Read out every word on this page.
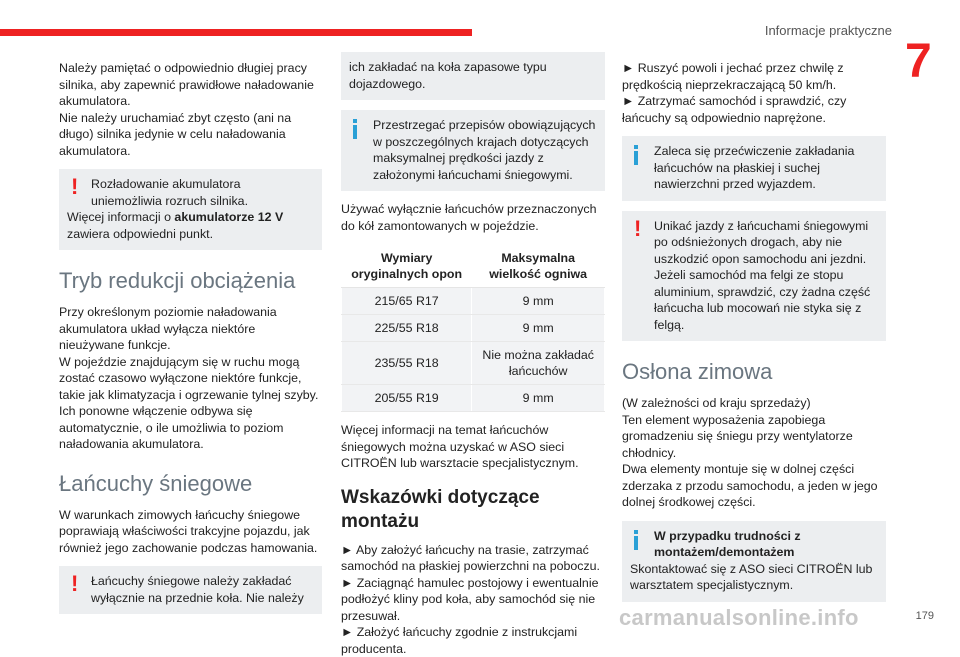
Informacje praktyczne
7

Należy pamiętać o odpowiednio długiej pracy silnika, aby zapewnić prawidłowe naładowanie akumulatora.

Nie należy uruchamiać zbyt często (ani na długo) silnika jedynie w celu naładowania akumulatora.

!	Rozładowanie akumulatora uniemożliwia rozruch silnika.

Więcej informacji o akumulatorze 12 V zawiera odpowiedni punkt.

Tryb redukcji obciążenia

Przy określonym poziomie naładowania akumulatora układ wyłącza niektóre nieużywane funkcje.

W pojeździe znajdującym się w ruchu mogą zostać czasowo wyłączone niektóre funkcje, takie jak klimatyzacja i ogrzewanie tylnej szyby.

Ich ponowne włączenie odbywa się automatycznie, o ile umożliwia to poziom naładowania akumulatora.

Łańcuchy śniegowe

W warunkach zimowych łańcuchy śniegowe poprawiają właściwości trakcyjne pojazdu, jak również jego zachowanie podczas hamowania.

!	Łańcuchy śniegowe należy zakładać wyłącznie na przednie koła. Nie należy

ich zakładać na koła zapasowe typu dojazdowego.

Przestrzegać przepisów obowiązujących w poszczególnych krajach dotyczących maksymalnej prędkości jazdy z założonymi łańcuchami śniegowymi.

Używać wyłącznie łańcuchów przeznaczonych do kół zamontowanych w pojeździe.

Wymiary oryginalnych opon	Maksymalna wielkość ogniwa
215/65 R17	9 mm
225/55 R18	9 mm
235/55 R18	Nie można zakładać łańcuchów
205/55 R19	9 mm

Więcej informacji na temat łańcuchów śniegowych można uzyskać w ASO sieci CITROËN lub warsztacie specjalistycznym.

Wskazówki dotyczące montażu

► Aby założyć łańcuchy na trasie, zatrzymać samochód na płaskiej powierzchni na poboczu.

► Zaciągnąć hamulec postojowy i ewentualnie podłożyć kliny pod koła, aby samochód się nie przesuwał.

► Założyć łańcuchy zgodnie z instrukcjami producenta.

► Ruszyć powoli i jechać przez chwilę z prędkością nieprzekraczającą 50 km/h.

► Zatrzymać samochód i sprawdzić, czy łańcuchy są odpowiednio naprężone.

Zaleca się przećwiczenie zakładania łańcuchów na płaskiej i suchej nawierzchni przed wyjazdem.

!	Unikać jazdy z łańcuchami śniegowymi po odśnieżonych drogach, aby nie uszkodzić opon samochodu ani jezdni. Jeżeli samochód ma felgi ze stopu aluminium, sprawdzić, czy żadna część łańcucha lub mocowań nie styka się z felgą.

Osłona zimowa

(W zależności od kraju sprzedaży)

Ten element wyposażenia zapobiega gromadzeniu się śniegu przy wentylatorze chłodnicy.

Dwa elementy montuje się w dolnej części zderzaka z przodu samochodu, a jeden w jego dolnej środkowej części.

W przypadku trudności z montażem/demontażem

Skontaktować się z ASO sieci CITROËN lub warsztatem specjalistycznym.

carmanualsonline.info	179
